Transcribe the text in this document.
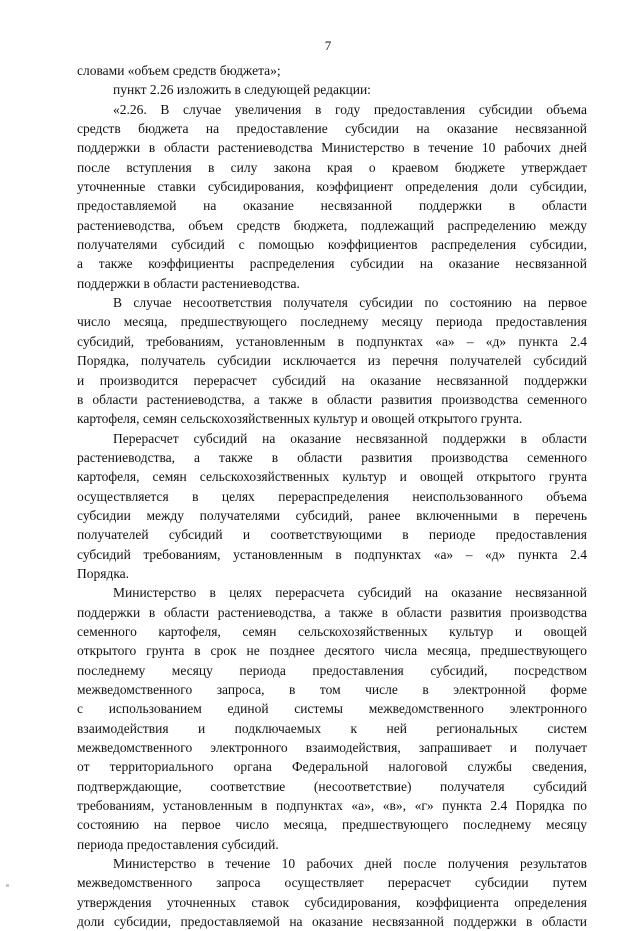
7
словами «объем средств бюджета»;
пункт 2.26 изложить в следующей редакции:
«2.26. В случае увеличения в году предоставления субсидии объема
средств бюджета на предоставление субсидии на оказание несвязанной
поддержки в области растениеводства Министерство в течение 10 рабочих дней
после вступления в силу закона края о краевом бюджете утверждает
уточненные ставки субсидирования, коэффициент определения доли субсидии,
предоставляемой на оказание несвязанной поддержки в области
растениеводства, объем средств бюджета, подлежащий распределению между
получателями субсидий с помощью коэффициентов распределения субсидии,
а также коэффициенты распределения субсидии на оказание несвязанной
поддержки в области растениеводства.
В случае несоответствия получателя субсидии по состоянию на первое
число месяца, предшествующего последнему месяцу периода предоставления
субсидий, требованиям, установленным в подпунктах «а» – «д» пункта 2.4
Порядка, получатель субсидии исключается из перечня получателей субсидий
и производится перерасчет субсидий на оказание несвязанной поддержки
в области растениеводства, а также в области развития производства семенного
картофеля, семян сельскохозяйственных культур и овощей открытого грунта.
Перерасчет субсидий на оказание несвязанной поддержки в области
растениеводства, а также в области развития производства семенного
картофеля, семян сельскохозяйственных культур и овощей открытого грунта
осуществляется в целях перераспределения неиспользованного объема
субсидии между получателями субсидий, ранее включенными в перечень
получателей субсидий и соответствующими в периоде предоставления
субсидий требованиям, установленным в подпунктах «а» – «д» пункта 2.4
Порядка.
Министерство в целях перерасчета субсидий на оказание несвязанной
поддержки в области растениеводства, а также в области развития производства
семенного картофеля, семян сельскохозяйственных культур и овощей
открытого грунта в срок не позднее десятого числа месяца, предшествующего
последнему месяцу периода предоставления субсидий, посредством
межведомственного запроса, в том числе в электронной форме
с использованием единой системы межведомственного электронного
взаимодействия и подключаемых к ней региональных систем
межведомственного электронного взаимодействия, запрашивает и получает
от территориального органа Федеральной налоговой службы сведения,
подтверждающие, соответствие (несоответствие) получателя субсидий
требованиям, установленным в подпунктах «а», «в», «г» пункта 2.4 Порядка по
состоянию на первое число месяца, предшествующего последнему месяцу
периода предоставления субсидий.
Министерство в течение 10 рабочих дней после получения результатов
межведомственного запроса осуществляет перерасчет субсидии путем
утверждения уточненных ставок субсидирования, коэффициента определения
доли субсидии, предоставляемой на оказание несвязанной поддержки в области
